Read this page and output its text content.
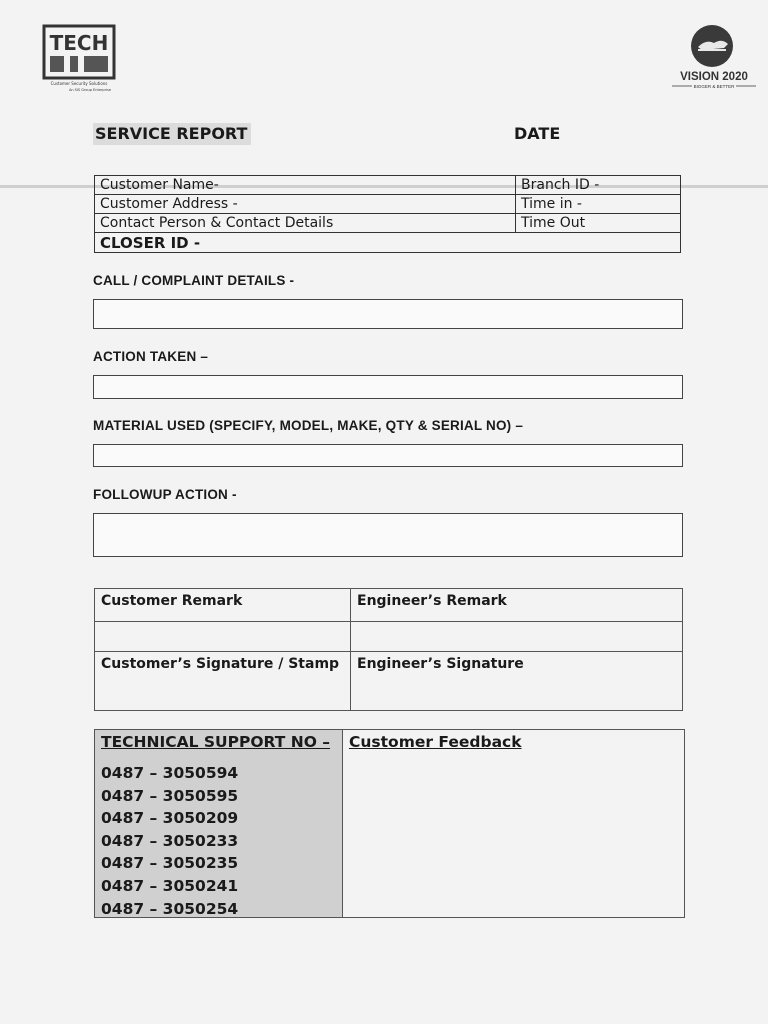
TECH
Customer Security Solutions
An SIS Group Enterprise
VISION 2020
BIGGER & BETTER
SERVICE REPORT	DATE
Customer Name-	Branch ID -
Customer Address -	Time in -
Contact Person & Contact Details	Time Out
CLOSER ID -	
CALL / COMPLAINT DETAILS -
ACTION TAKEN –
MATERIAL USED (SPECIFY, MODEL, MAKE, QTY & SERIAL NO) –
FOLLOWUP ACTION -
Customer Remark	Engineer’s Remark

Customer’s Signature / Stamp	Engineer’s Signature
TECHNICAL SUPPORT NO –
0487 – 3050594
0487 – 3050595
0487 – 3050209
0487 – 3050233
0487 – 3050235
0487 – 3050241
0487 – 3050254
Customer Feedback
